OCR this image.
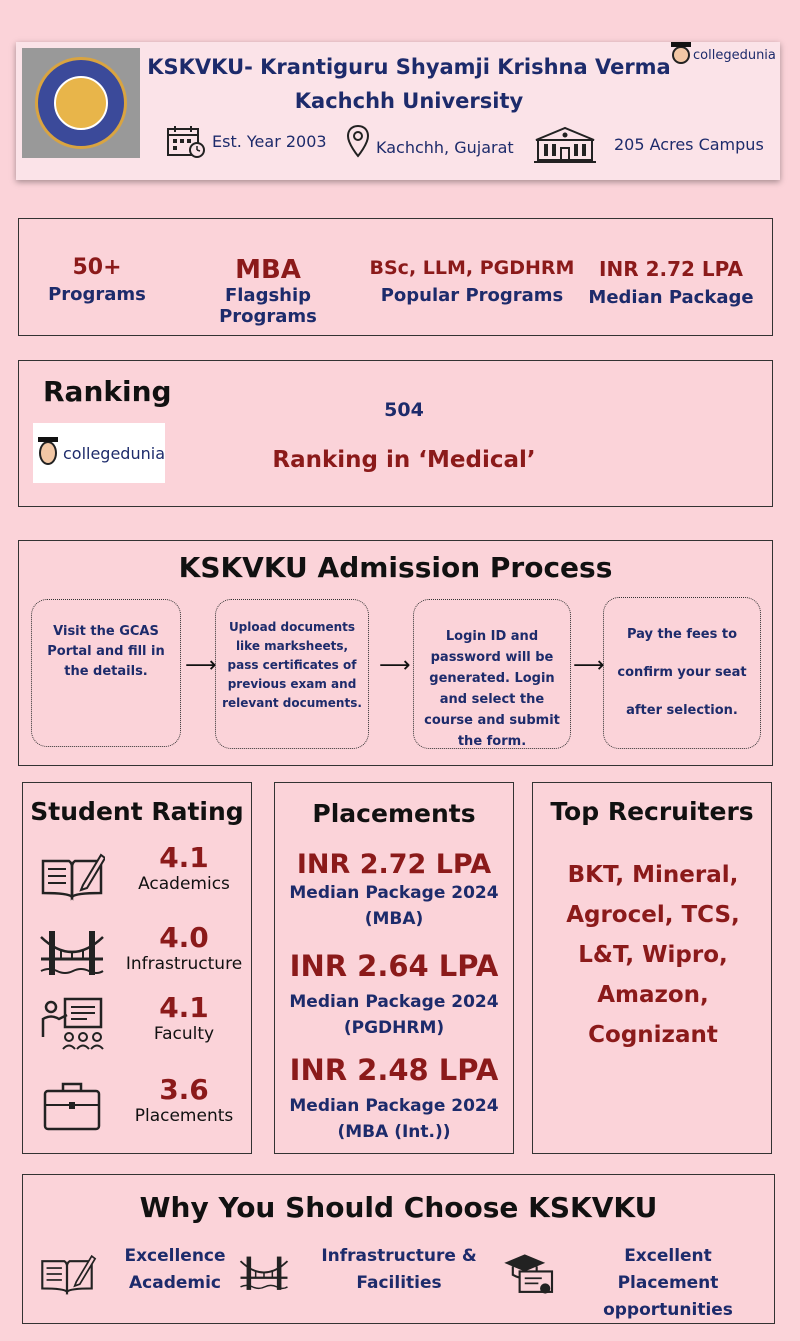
KSKVKU- Krantiguru Shyamji Krishna Verma
Kachchh University
collegedunia
Est. Year 2003	Kachchh, Gujarat	205 Acres Campus
50+
Programs
MBA
Flagship Programs
BSc, LLM, PGDHRM
Popular Programs
INR 2.72 LPA
Median Package
Ranking
collegedunia
504
Ranking in ‘Medical’
KSKVKU Admission Process
Visit the GCAS Portal and fill in the details.	⟶
Upload documents like marksheets, pass certificates of previous exam and relevant documents.
⟶
Login ID and password will be generated. Login and select the course and submit the form.
⟶
Pay the fees to confirm your seat after selection.
Student Rating
4.1
Academics
4.0
Infrastructure
4.1
Faculty
3.6
Placements
Placements
INR 2.72 LPA
Median Package 2024
(MBA)
INR 2.64 LPA
Median Package 2024
(PGDHRM)
INR 2.48 LPA
Median Package 2024
(MBA (Int.))
Top Recruiters
BKT, Mineral,
Agrocel, TCS,
L&T, Wipro,
Amazon,
Cognizant
Why You Should Choose KSKVKU
Excellence
Academic
Infrastructure &
Facilities
Excellent Placement
opportunities
